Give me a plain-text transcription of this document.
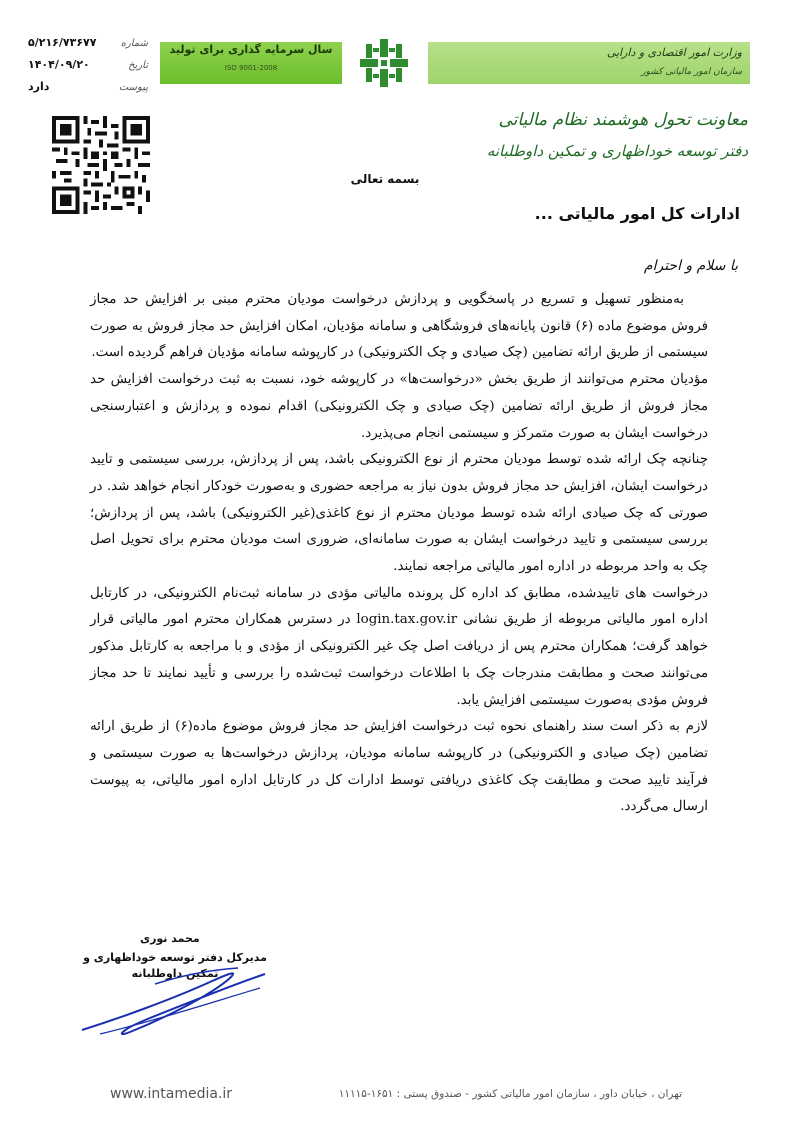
۵/۲۱۶/۷۳۶۷۷ شماره
۱۴۰۴/۰۹/۲۰	تاریخ
دارد	پیوست
سال سرمایه گذاری برای تولید
ISO 9001-2008
وزارت امور اقتصادی و دارایی
سازمان امور مالیاتی کشور
معاونت تحول هوشمند نظام مالیاتی
دفتر توسعه خوداظهاری و تمکین داوطلبانه
بسمه تعالی
ادارات کل امور مالیاتی ...
با سلام و احترام

به‌منظور تسهیل و تسریع در پاسخگویی و پردازش درخواست مودیان محترم مبنی بر افزایش حد مجاز فروش موضوع ماده (۶) قانون پایانه‌های فروشگاهی و سامانه مؤدیان، امکان افزایش حد مجاز فروش به صورت سیستمی از طریق ارائه تضامین (چک صیادی و چک الکترونیکی) در کارپوشه سامانه مؤدیان فراهم گردیده است.

مؤدیان محترم می‌توانند از طریق بخش «درخواست‌ها» در کارپوشه خود، نسبت به ثبت درخواست افزایش حد مجاز فروش از طریق ارائه تضامین (چک صیادی و چک الکترونیکی) اقدام نموده و پردازش و اعتبارسنجی درخواست ایشان به صورت متمرکز و سیستمی انجام می‌پذیرد.

چنانچه چک ارائه شده توسط مودیان محترم از نوع الکترونیکی باشد، پس از پردازش، بررسی سیستمی و تایید درخواست ایشان، افزایش حد مجاز فروش بدون نیاز به مراجعه حضوری و به‌صورت خودکار انجام خواهد شد. در صورتی که چک صیادی ارائه شده توسط مودیان محترم از نوع کاغذی(غیر الکترونیکی) باشد، پس از پردازش؛ بررسی سیستمی و تایید درخواست ایشان به صورت سامانه‌ای، ضروری است مودیان محترم برای تحویل اصل چک به واحد مربوطه در اداره امور مالیاتی مراجعه نمایند.

درخواست های تاییدشده، مطابق کد اداره کل پرونده مالیاتی مؤدی در سامانه ثبت‌نام الکترونیکی، در کارتابل اداره امور مالیاتی مربوطه از طریق نشانی login.tax.gov.ir در دسترس همکاران محترم امور مالیاتی قرار خواهد گرفت؛ همکاران محترم پس از دریافت اصل چک غیر الکترونیکی از مؤدی و با مراجعه به کارتابل مذکور می‌توانند صحت و مطابقت مندرجات چک با اطلاعات درخواست ثبت‌شده را بررسی و تأیید نمایند تا حد مجاز فروش مؤدی به‌صورت سیستمی افزایش یابد.

لازم به ذکر است سند راهنمای نحوه ثبت درخواست افزایش حد مجاز فروش موضوع ماده(۶) از طریق ارائه تضامین (چک صیادی و الکترونیکی) در کارپوشه سامانه مودیان، پردازش درخواست‌ها به صورت سیستمی و فرآیند تایید صحت و مطابقت چک کاغذی دریافتی توسط ادارات کل در کارتابل اداره امور مالیاتی، به پیوست ارسال می‌گردد.

محمد نوری
مدیرکل دفتر توسعه خوداظهاری و تمکین داوطلبانه
www.intamedia.ir	تهران ، خیابان داور ، سازمان امور مالیاتی کشور - صندوق پستی : ۱۶۵۱-۱۱۱۱۵
